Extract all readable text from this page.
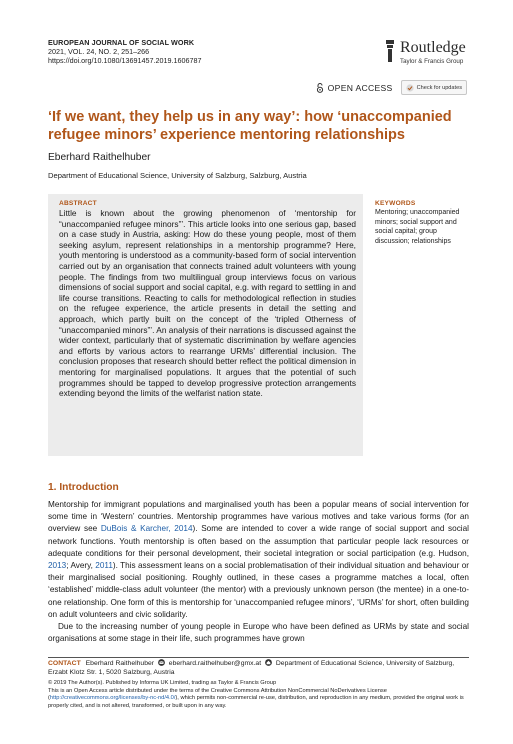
EUROPEAN JOURNAL OF SOCIAL WORK
2021, VOL. 24, NO. 2, 251–266
https://doi.org/10.1080/13691457.2019.1606787
Routledge
Taylor & Francis Group
OPEN ACCESS	Check for updates
‘If we want, they help us in any way’: how ‘unaccompanied refugee minors’ experience mentoring relationships
Eberhard Raithelhuber
Department of Educational Science, University of Salzburg, Salzburg, Austria
ABSTRACT
Little is known about the growing phenomenon of ‘mentorship for “unaccompanied refugee minors”’. This article looks into one serious gap, based on a case study in Austria, asking: How do these young people, most of them seeking asylum, represent relationships in a mentorship programme? Here, youth mentoring is understood as a community-based form of social intervention carried out by an organisation that connects trained adult volunteers with young people. The findings from two multilingual group interviews focus on various dimensions of social support and social capital, e.g. with regard to settling in and life course transitions. Reacting to calls for methodological reflection in studies on the refugee experience, the article presents in detail the setting and approach, which partly built on the concept of the ‘tripled Otherness of “unaccompanied minors”’. An analysis of their narrations is discussed against the wider context, particularly that of systematic discrimination by welfare agencies and efforts by various actors to rearrange URMs’ differential inclusion. The conclusion proposes that research should better reflect the political dimension in mentoring for marginalised populations. It argues that the potential of such programmes should be tapped to develop progressive protection arrangements extending beyond the limits of the welfarist nation state.
KEYWORDS
Mentoring; unaccompanied minors; social support and social capital; group discussion; relationships
1. Introduction

Mentorship for immigrant populations and marginalised youth has been a popular means of social intervention for some time in ‘Western’ countries. Mentorship programmes have various motives and take various forms (for an overview see DuBois & Karcher, 2014). Some are intended to cover a wide range of social support and social network functions. Youth mentorship is often based on the assumption that particular people lack resources or adequate conditions for their personal development, their societal integration or social participation (e.g. Hudson, 2013; Avery, 2011). This assessment leans on a social problematisation of their individual situation and behaviour or their marginalised social positioning. Roughly outlined, in these cases a programme matches a local, often ‘established’ middle-class adult volunteer (the mentor) with a previously unknown person (the mentee) in a one-to-one relationship. One form of this is mentorship for ‘unaccompanied refugee minors’, ‘URMs’ for short, often building on adult volunteers and civic solidarity.

Due to the increasing number of young people in Europe who have been defined as URMs by state and social organisations at some stage in their life, such programmes have grown

CONTACT Eberhard Raithelhuber eberhard.raithelhuber@gmx.at Department of Educational Science, University of Salzburg, Erzabt Klotz Str. 1, 5020 Salzburg, Austria
© 2019 The Author(s). Published by Informa UK Limited, trading as Taylor & Francis Group
This is an Open Access article distributed under the terms of the Creative Commons Attribution NonCommercial NoDerivatives License (http://creativecommons.org/licenses/by-nc-nd/4.0/), which permits non-commercial re-use, distribution, and reproduction in any medium, provided the original work is properly cited, and is not altered, transformed, or built upon in any way.
